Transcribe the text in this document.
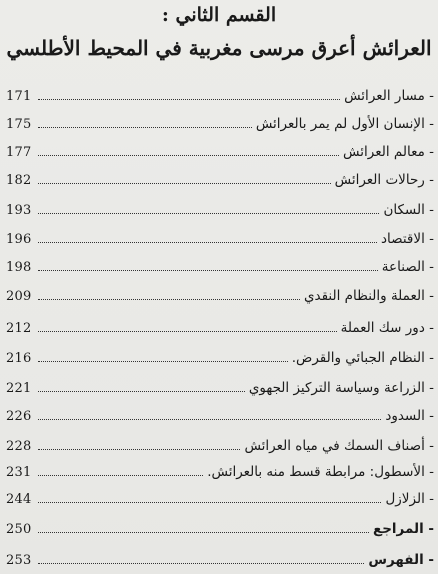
القسم الثاني :
العرائش أعرق مرسى مغربية في المحيط الأطلسي
171	- مسار العرائش
175	- الإنسان الأول لم يمر بالعرائش
177	- معالم العرائش
182	- رحالات العرائش
193	- السكان
196	- الاقتصاد
198	- الصناعة
209	- العملة والنظام النقدي
212	- دور سك العملة
216	- النظام الجبائي والقرض.
221	- الزراعة وسياسة التركيز الجهوي
226	- السدود
228	- أصناف السمك في مياه العرائش
231	- الأسطول: مرابطة قسط منه بالعرائش.
244	- الزلازل
250	- المراجع
253	- الفهرس
